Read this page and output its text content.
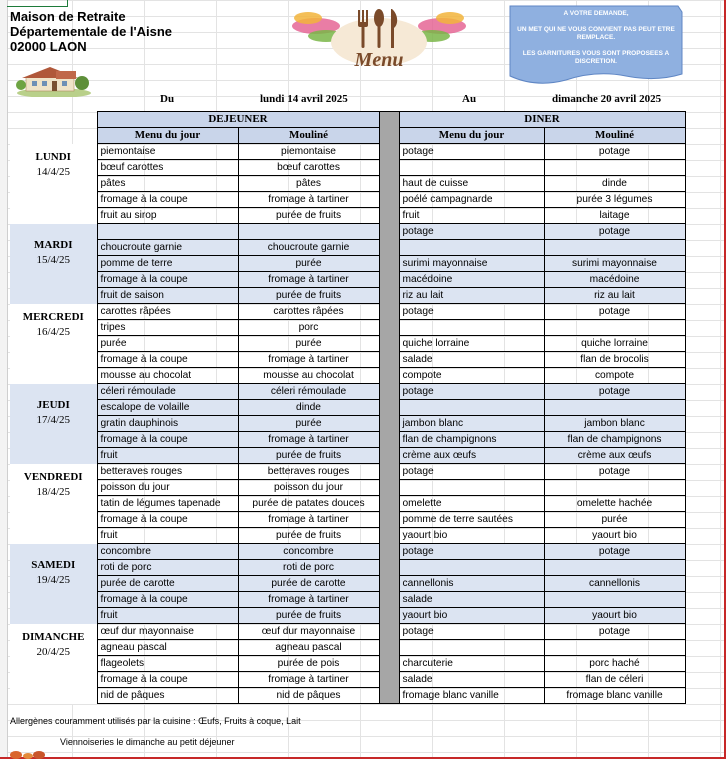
Maison de Retraite
Départementale de l'Aisne
02000 LAON
Menu

A VOTRE DEMANDE,

UN MET QUI NE VOUS CONVIENT PAS PEUT ETRE REMPLACE.

LES GARNITURES VOUS SONT PROPOSEES A DISCRETION.

Du	lundi 14 avril 2025	Au	dimanche 20 avril 2025
	DEJEUNER			DINER	
	Menu du jour	Mouliné		Menu du jour	Mouliné

LUNDI
14/4/25	piemontaise	piemontaise		potage	potage
	bœuf carottes	bœuf carottes			
	pâtes	pâtes		haut de cuisse	dinde
	fromage à la coupe	fromage à tartiner		poélé campagnarde	purée 3 légumes
	fruit au sirop	purée de fruits		fruit	laitage

MARDI
15/4/25				potage	potage
	choucroute garnie	choucroute garnie			
	pomme de terre	purée		surimi mayonnaise	surimi mayonnaise
	fromage à la coupe	fromage à tartiner		macédoine	macédoine
	fruit de saison	purée de fruits		riz au lait	riz au lait

MERCREDI
16/4/25	carottes râpées	carottes râpées		potage	potage
	tripes	porc			
	purée	purée		quiche lorraine	quiche lorraine
	fromage à la coupe	fromage à tartiner		salade	flan de brocolis
	mousse au chocolat	mousse au chocolat		compote	compote

JEUDI
17/4/25	céleri rémoulade	céleri rémoulade		potage	potage
	escalope de volaille	dinde			
	gratin dauphinois	purée		jambon blanc	jambon blanc
	fromage à la coupe	fromage à tartiner		flan de champignons	flan de champignons
	fruit	purée de fruits		crème aux œufs	crème aux œufs

VENDREDI
18/4/25	betteraves rouges	betteraves rouges		potage	potage
	poisson du jour	poisson du jour			
	tatin de légumes tapenade	purée de patates douces		omelette	omelette hachée
	fromage à la coupe	fromage à tartiner		pomme de terre sautées	purée
	fruit	purée de fruits		yaourt bio	yaourt bio

SAMEDI
19/4/25	concombre	concombre		potage	potage
	roti de porc	roti de porc			
	purée de carotte	purée de carotte		cannellonis	cannellonis
	fromage à la coupe	fromage à tartiner		salade	
	fruit	purée de fruits		yaourt bio	yaourt bio

DIMANCHE
20/4/25	œuf dur mayonnaise	œuf dur mayonnaise		potage	potage
	agneau pascal	agneau pascal			
	flageolets	purée de pois		charcuterie	porc haché
	fromage à la coupe	fromage à tartiner		salade	flan de céleri
	nid de pâques	nid de pâques		fromage blanc vanille	fromage blanc vanille
Allergènes couramment utilisés par la cuisine : Œufs, Fruits à coque, Lait
Viennoiseries le dimanche au petit déjeuner
